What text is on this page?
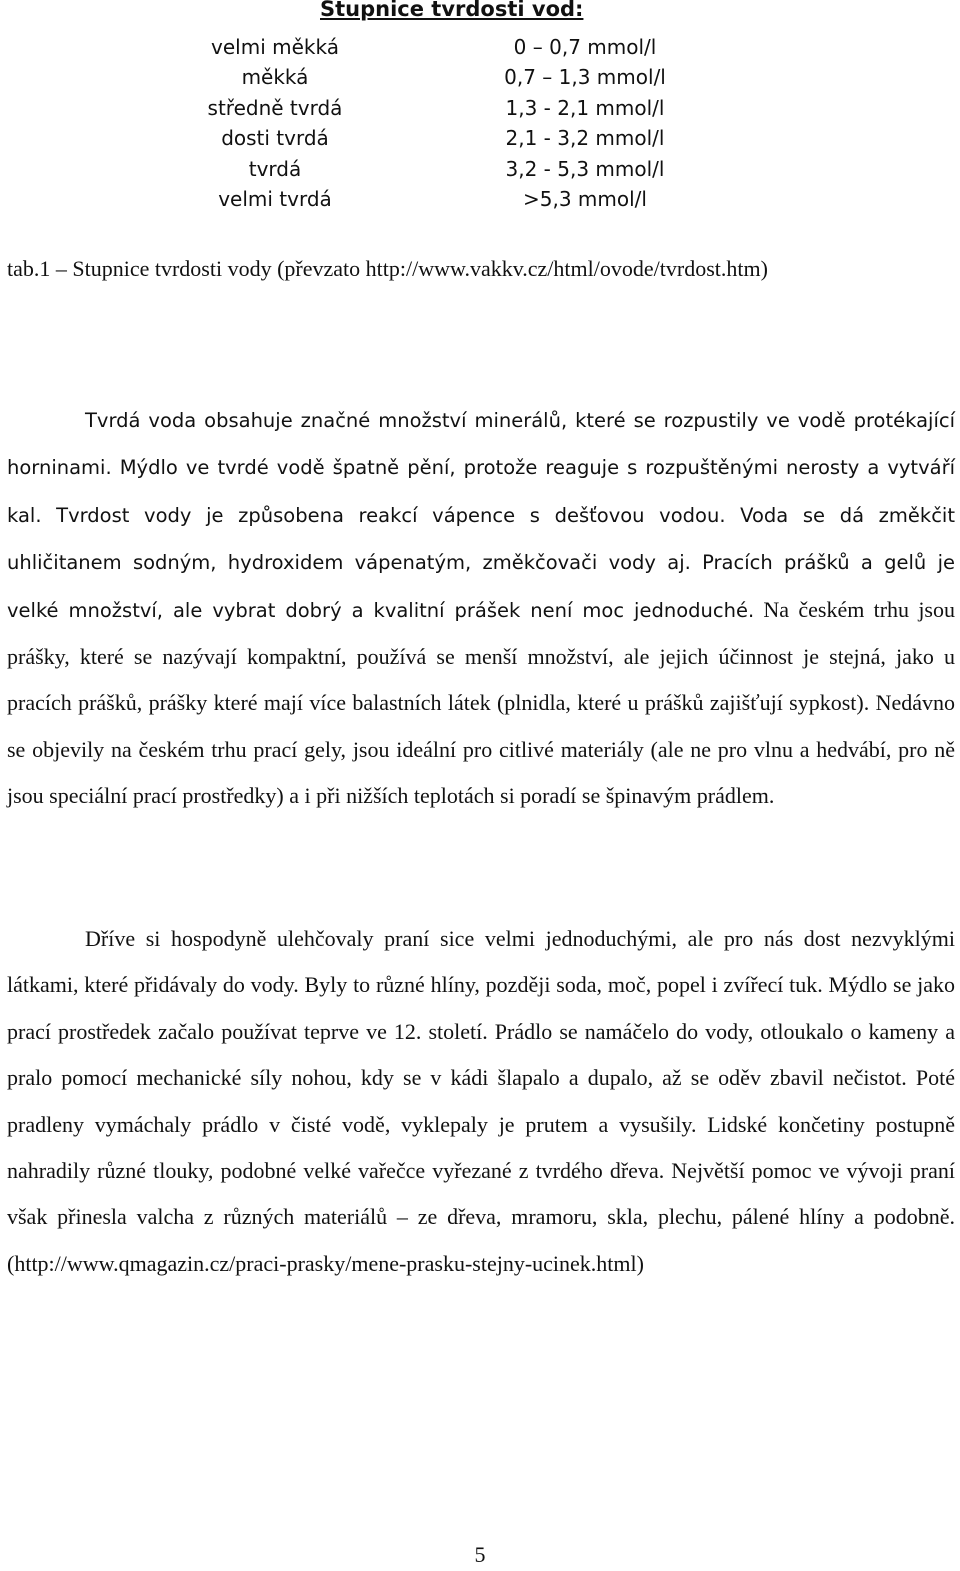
Stupnice tvrdosti vod:
velmi měkká	0 – 0,7 mmol/l
měkká	0,7 – 1,3 mmol/l
středně tvrdá	1,3 - 2,1 mmol/l
dosti tvrdá	2,1 - 3,2 mmol/l
tvrdá	3,2 - 5,3 mmol/l
velmi tvrdá	>5,3 mmol/l
tab.1 – Stupnice tvrdosti vody (převzato http://www.vakkv.cz/html/ovode/tvrdost.htm)

Tvrdá voda obsahuje značné množství minerálů, které se rozpustily ve vodě protékající horninami. Mýdlo ve tvrdé vodě špatně pění, protože reaguje s rozpuštěnými nerosty a vytváří kal. Tvrdost vody je způsobena reakcí vápence s dešťovou vodou. Voda se dá změkčit uhličitanem sodným, hydroxidem vápenatým, změkčovači vody aj. Pracích prášků a gelů je velké množství, ale vybrat dobrý a kvalitní prášek není moc jednoduché. Na českém trhu jsou prášky, které se nazývají kompaktní, používá se menší množství, ale jejich účinnost je stejná, jako u pracích prášků, prášky které mají více balastních látek (plnidla, které u prášků zajišťují sypkost). Nedávno se objevily na českém trhu prací gely, jsou ideální pro citlivé materiály (ale ne pro vlnu a hedvábí, pro ně jsou speciální prací prostředky) a i při nižších teplotách si poradí se špinavým prádlem.

Dříve si hospodyně ulehčovaly praní sice velmi jednoduchými, ale pro nás dost nezvyklými látkami, které přidávaly do vody. Byly to různé hlíny, později soda, moč, popel i zvířecí tuk. Mýdlo se jako prací prostředek začalo používat teprve ve 12. století. Prádlo se namáčelo do vody, otloukalo o kameny a pralo pomocí mechanické síly nohou, kdy se v kádi šlapalo a dupalo, až se oděv zbavil nečistot. Poté pradleny vymáchaly prádlo v čisté vodě, vyklepaly je prutem a vysušily. Lidské končetiny postupně nahradily různé tlouky, podobné velké vařečce vyřezané z tvrdého dřeva. Největší pomoc ve vývoji praní však přinesla valcha z různých materiálů – ze dřeva, mramoru, skla, plechu, pálené hlíny a podobně. (http://www.qmagazin.cz/praci-prasky/mene-prasku-stejny-ucinek.html)

5
